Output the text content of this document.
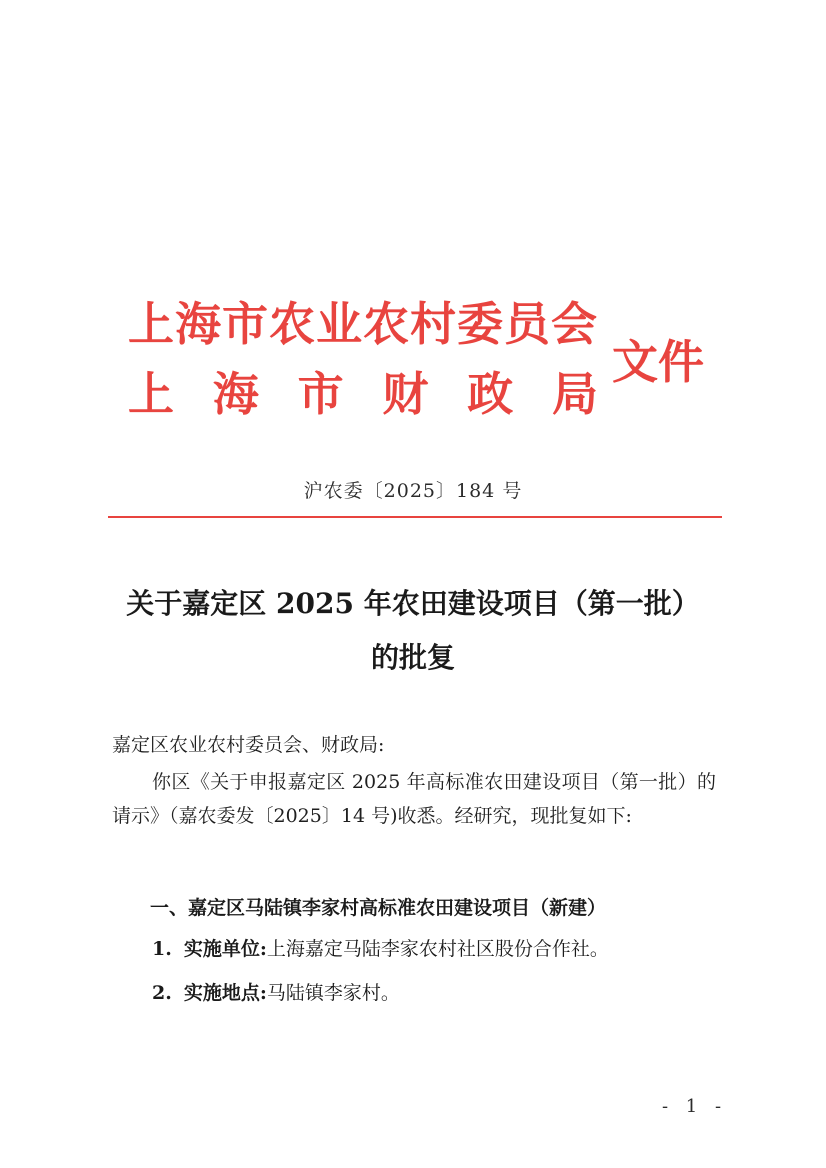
上海市农业农村委员会
上 海 市 财 政 局
文件
沪农委〔2025〕184 号
关于嘉定区 2025 年农田建设项目（第一批）
的批复
嘉定区农业农村委员会、财政局:
你区《关于申报嘉定区 2025 年高标准农田建设项目（第一批）的请示》（嘉农委发〔2025〕14 号)收悉。经研究，现批复如下:
一、嘉定区马陆镇李家村高标准农田建设项目（新建）
1. 实施单位:上海嘉定马陆李家农村社区股份合作社。
2. 实施地点:马陆镇李家村。
- 1 -
